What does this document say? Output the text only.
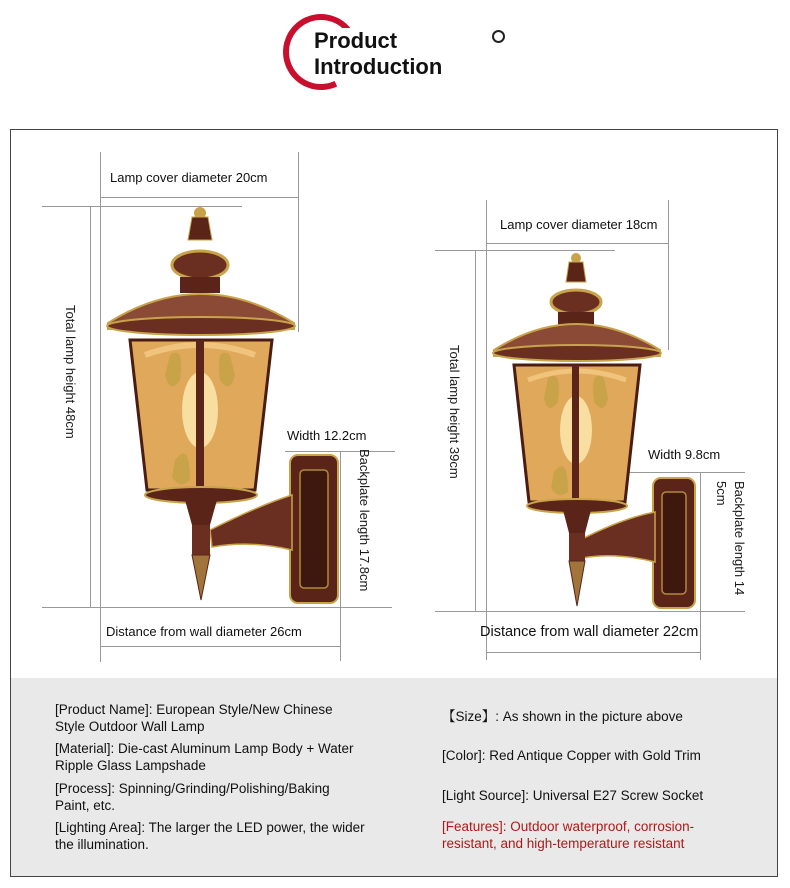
Product
Introduction
Lamp cover diameter 20cm
Total lamp height 48cm	Width 12.2cm
Backplate length 17.8cm
Distance from wall diameter 26cm
Lamp cover diameter 18cm
Total lamp height 39cm	Width 9.8cm
Backplate length 14
5cm
Distance from wall diameter 22cm
[Product Name]: European Style/New Chinese
Style Outdoor Wall Lamp
[Material]: Die-cast Aluminum Lamp Body + Water
Ripple Glass Lampshade
[Process]: Spinning/Grinding/Polishing/Baking
Paint, etc.
[Lighting Area]: The larger the LED power, the wider
the illumination.
【Size】: As shown in the picture above
[Color]: Red Antique Copper with Gold Trim
[Light Source]: Universal E27 Screw Socket
[Features]: Outdoor waterproof, corrosion-
resistant, and high-temperature resistant
